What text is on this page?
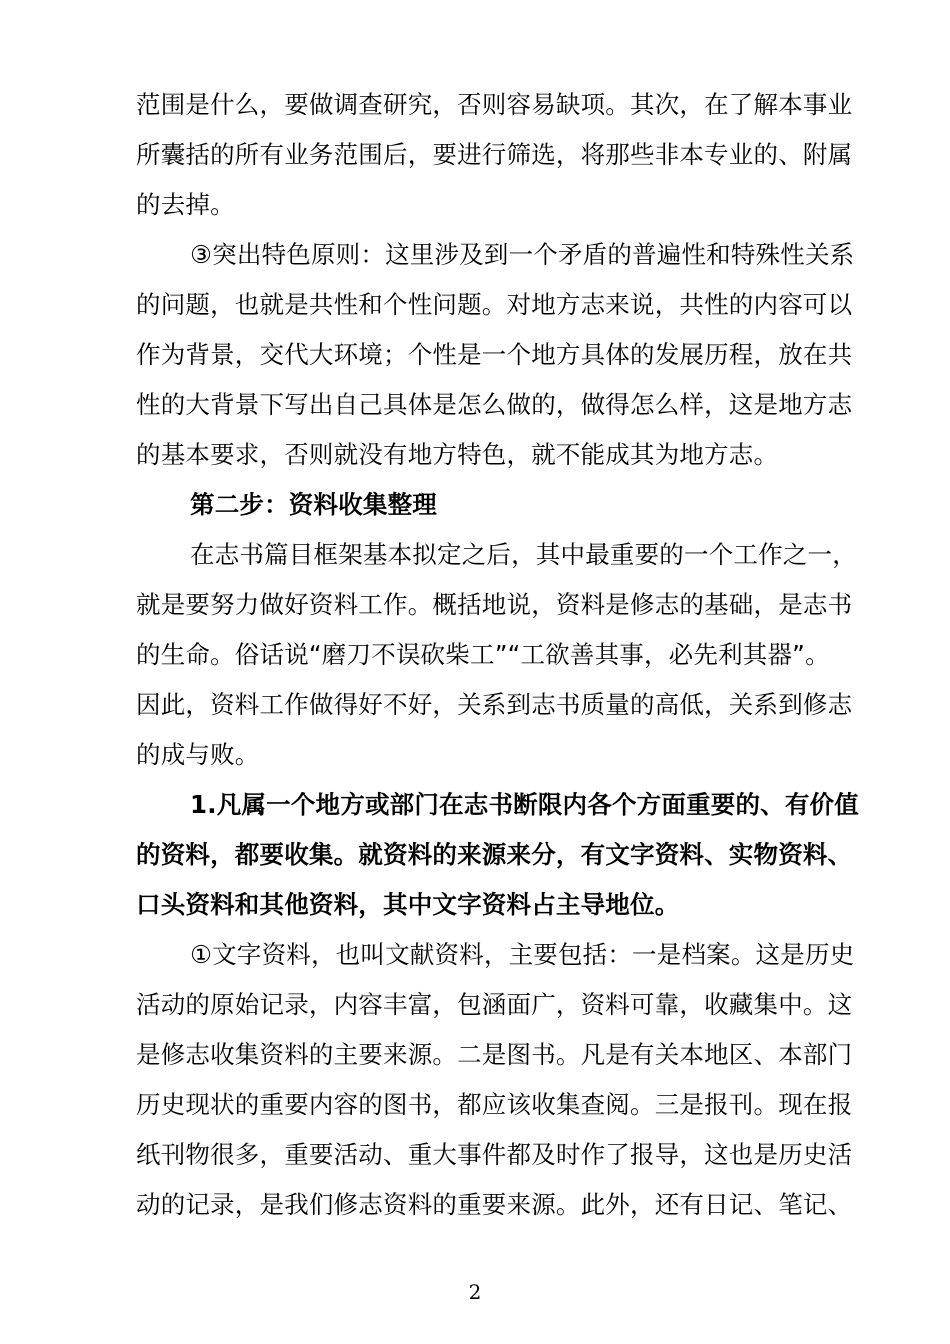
范围是什么，要做调查研究，否则容易缺项。其次，在了解本事业
所囊括的所有业务范围后，要进行筛选，将那些非本专业的、附属
的去掉。
③突出特色原则：这里涉及到一个矛盾的普遍性和特殊性关系
的问题，也就是共性和个性问题。对地方志来说，共性的内容可以
作为背景，交代大环境；个性是一个地方具体的发展历程，放在共
性的大背景下写出自己具体是怎么做的，做得怎么样，这是地方志
的基本要求，否则就没有地方特色，就不能成其为地方志。
第二步：资料收集整理
在志书篇目框架基本拟定之后，其中最重要的一个工作之一，
就是要努力做好资料工作。概括地说，资料是修志的基础，是志书
的生命。俗话说“磨刀不误砍柴工”“工欲善其事，必先利其器”。
因此，资料工作做得好不好，关系到志书质量的高低，关系到修志
的成与败。
1.凡属一个地方或部门在志书断限内各个方面重要的、有价值
的资料，都要收集。就资料的来源来分，有文字资料、实物资料、
口头资料和其他资料，其中文字资料占主导地位。
①文字资料，也叫文献资料，主要包括：一是档案。这是历史
活动的原始记录，内容丰富，包涵面广，资料可靠，收藏集中。这
是修志收集资料的主要来源。二是图书。凡是有关本地区、本部门
历史现状的重要内容的图书，都应该收集查阅。三是报刊。现在报
纸刊物很多，重要活动、重大事件都及时作了报导，这也是历史活
动的记录，是我们修志资料的重要来源。此外，还有日记、笔记、
2
